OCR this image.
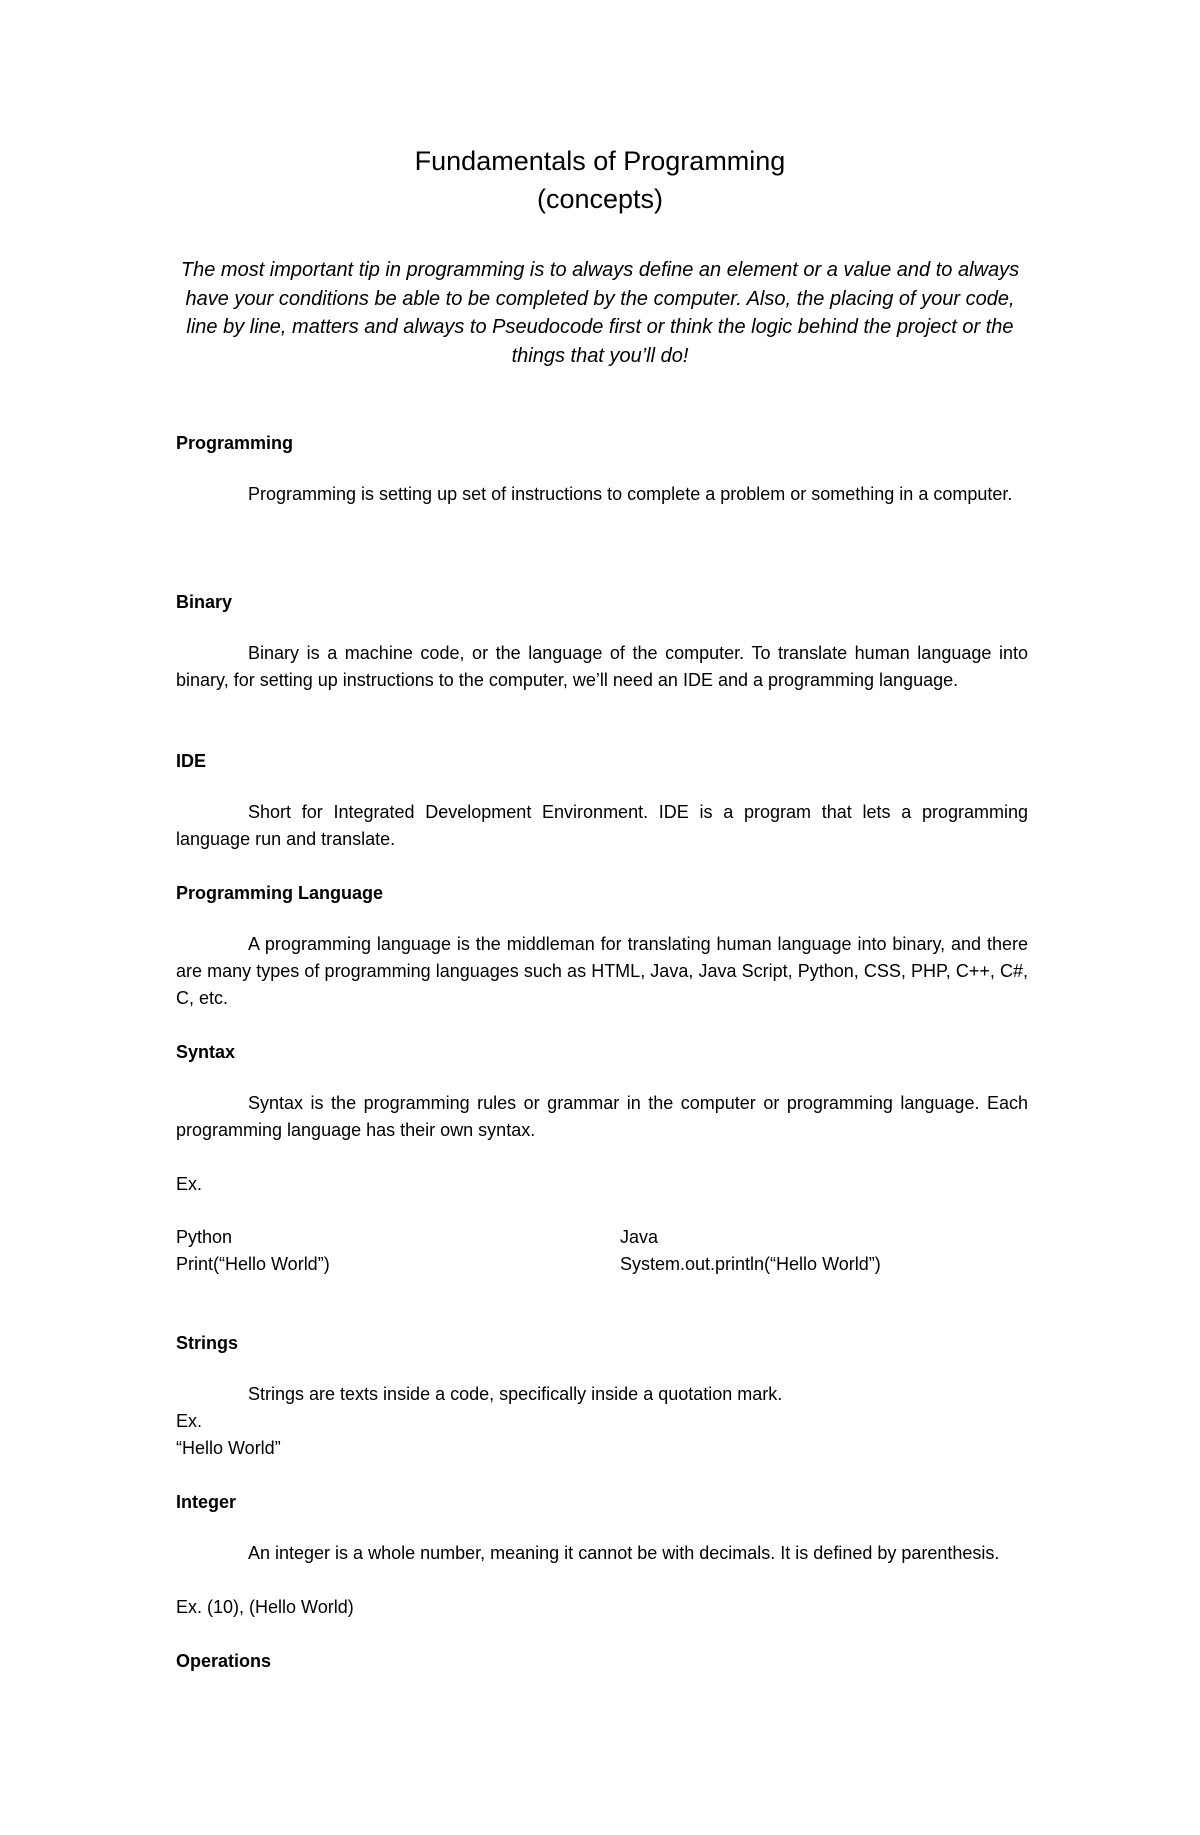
Fundamentals of Programming
(concepts)
The most important tip in programming is to always define an element or a value and to always have your conditions be able to be completed by the computer. Also, the placing of your code, line by line, matters and always to Pseudocode first or think the logic behind the project or the things that you’ll do!
Programming
Programming is setting up set of instructions to complete a problem or something in a computer.
Binary
Binary is a machine code, or the language of the computer. To translate human language into binary, for setting up instructions to the computer, we’ll need an IDE and a programming language.
IDE
Short for Integrated Development Environment. IDE is a program that lets a programming language run and translate.
Programming Language
A programming language is the middleman for translating human language into binary, and there are many types of programming languages such as HTML, Java, Java Script, Python, CSS, PHP, C++, C#, C, etc.
Syntax
Syntax is the programming rules or grammar in the computer or programming language. Each programming language has their own syntax.
Ex.
Python
Print(“Hello World”)
Java
System.out.println(“Hello World”)
Strings
Strings are texts inside a code, specifically inside a quotation mark.
Ex.
“Hello World”
Integer
An integer is a whole number, meaning it cannot be with decimals. It is defined by parenthesis.
Ex. (10), (Hello World)
Operations
